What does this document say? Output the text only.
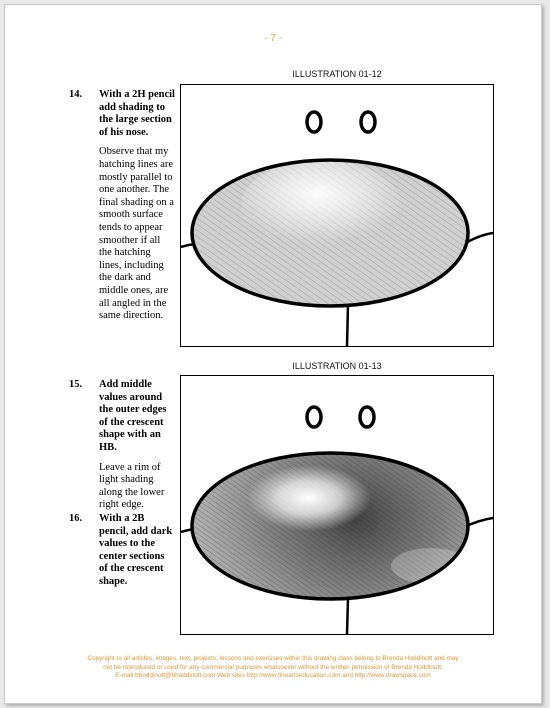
- 7 -
14. With a 2H pencil add shading to the large section of his nose.
Observe that my hatching lines are mostly parallel to one another. The final shading on a smooth surface tends to appear smoother if all the hatching lines, including the dark and middle ones, are all angled in the same direction.
ILLUSTRATION 01-12
ILLUSTRATION 01-13
15. Add middle values around the outer edges of the crescent shape with an HB.
Leave a rim of light shading along the lower right edge.
16. With a 2B pencil, add dark values to the center sections of the crescent shape.
Copyright to all articles, images, text, projects, lessons and exercises within this drawing class belong to Brenda Hoddinott and may
not be reproduced or used for any commercial purposes whatsoever without the written permission of Brenda Hoddinott.
E-mail bhoddinott@bhoddinott.com Web sites http://www.fineartseducation.com and http://www.drawspace.com
